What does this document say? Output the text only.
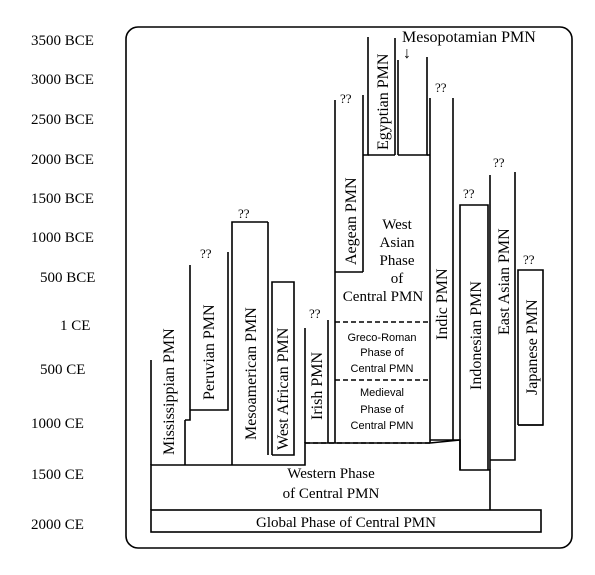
3500 BCE
3000 BCE
2500 BCE
2000 BCE
1500 BCE
1000 BCE
500 BCE
1 CE
500 CE
1000 CE
1500 CE
2000 CE
??
??
??
??
??
??
??
??
Mississippian PMN Peruvian PMN Mesoamerican PMN West African PMN Irish PMN
Aegean PMN
Egyptian PMN
Indic PMN Indonesian PMN East Asian PMN
Japanese PMN
Mesopotamian PMN
↓
West
Asian
Phase
of
Central PMN
Greco-Roman
Phase of
Central PMN
Medieval
Phase of
Central PMN
Western Phase
of Central PMN
Global Phase of Central PMN
